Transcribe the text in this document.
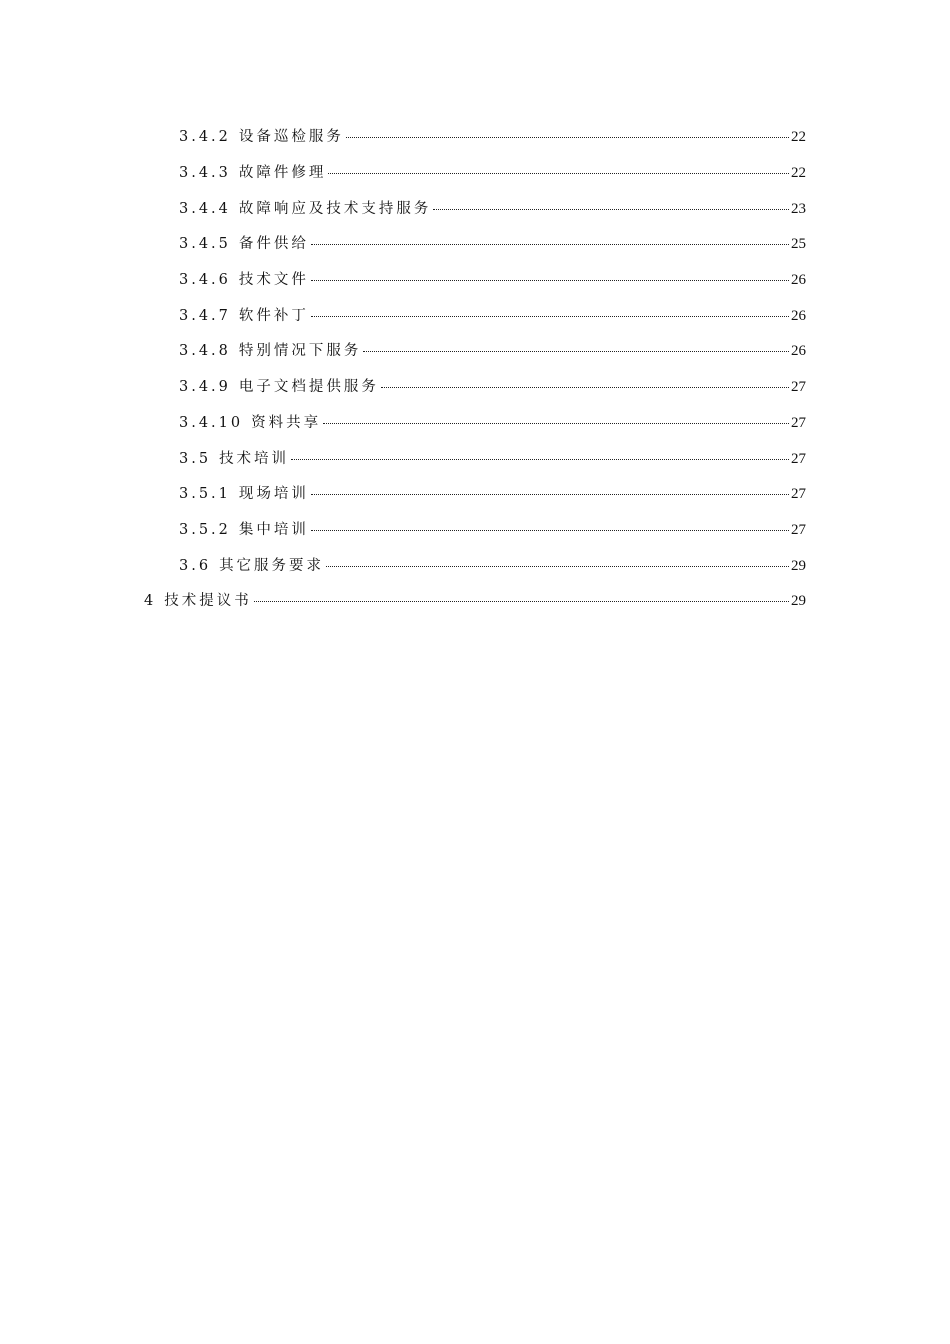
3.4.2 设备巡检服务	22
3.4.3 故障件修理	22
3.4.4 故障响应及技术支持服务	23
3.4.5 备件供给	25
3.4.6 技术文件	26
3.4.7 软件补丁	26
3.4.8 特别情况下服务	26
3.4.9 电子文档提供服务	27
3.4.10 资料共享	27
3.5 技术培训	27
3.5.1 现场培训	27
3.5.2 集中培训	27
3.6 其它服务要求	29
4 技术提议书	29
